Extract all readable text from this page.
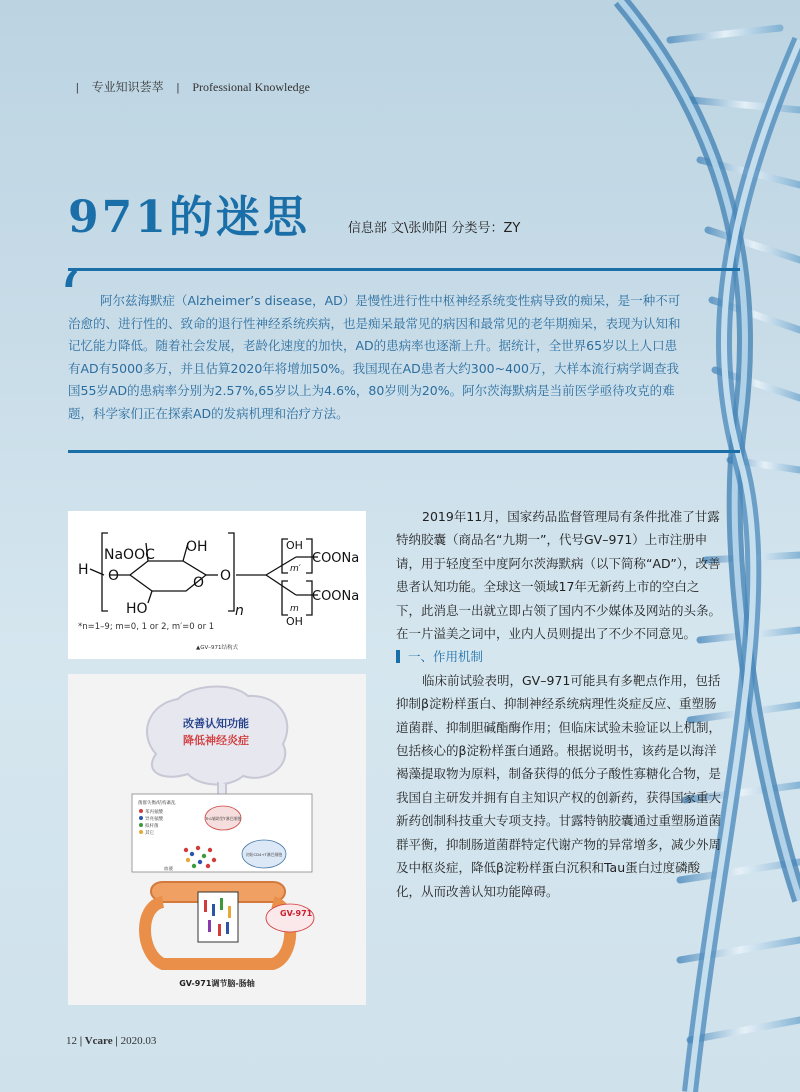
| 专业知识荟萃 | Professional Knowledge
971的迷思	信息部 文\张帅阳 分类号：ZY
‘	阿尔兹海默症（Alzheimer’s disease，AD）是慢性进行性中枢神经系统变性病导致的痴呆，是一种不可治愈的、进行性的、致命的退行性神经系统疾病，也是痴呆最常见的病因和最常见的老年期痴呆，表现为认知和记忆能力降低。随着社会发展，老龄化速度的加快，AD的患病率也逐渐上升。据统计，全世界65岁以上人口患有AD有5000多万，并且估算2020年将增加50%。我国现在AD患者大约300~400万，大样本流行病学调查我国55岁AD的患病率分别为2.57%,65岁以上为4.6%，80岁则为20%。阿尔茨海默病是当前医学亟待攻克的难题，科学家们正在探索AD的发病机理和治疗方法。
H
NaOOC OH
HO
O	O O
n
OH
OH
COONa
COONa
m′
m
*n=1–9; m=0, 1 or 2, m′=0 or 1
▲GV–971结构式
改善认知功能
降低神经炎症
菌群失衡/结构紊乱
苯丙氨酸
异亮氨酸
拟杆菌
其它
Th1辅助型T淋巴细胞
初始CD4+T淋巴细胞
血液
GV-971
GV-971调节脑-肠轴

2019年11月，国家药品监督管理局有条件批准了甘露特纳胶囊（商品名“九期一”，代号GV–971）上市注册申请，用于轻度至中度阿尔茨海默病（以下简称“AD”），改善患者认知功能。全球这一领域17年无新药上市的空白之下，此消息一出就立即占领了国内不少媒体及网站的头条。在一片溢美之词中，业内人员则提出了不少不同意见。

一、作用机制

临床前试验表明，GV–971可能具有多靶点作用，包括抑制β淀粉样蛋白、抑制神经系统病理性炎症反应、重塑肠道菌群、抑制胆碱酯酶作用；但临床试验未验证以上机制，包括核心的β淀粉样蛋白通路。根据说明书，该药是以海洋褐藻提取物为原料，制备获得的低分子酸性寡糖化合物，是我国自主研发并拥有自主知识产权的创新药，获得国家重大新药创制科技重大专项支持。甘露特钠胶囊通过重塑肠道菌群平衡，抑制肠道菌群特定代谢产物的异常增多，减少外周及中枢炎症，降低β淀粉样蛋白沉积和Tau蛋白过度磷酸化，从而改善认知功能障碍。

12 | Vcare | 2020.03
